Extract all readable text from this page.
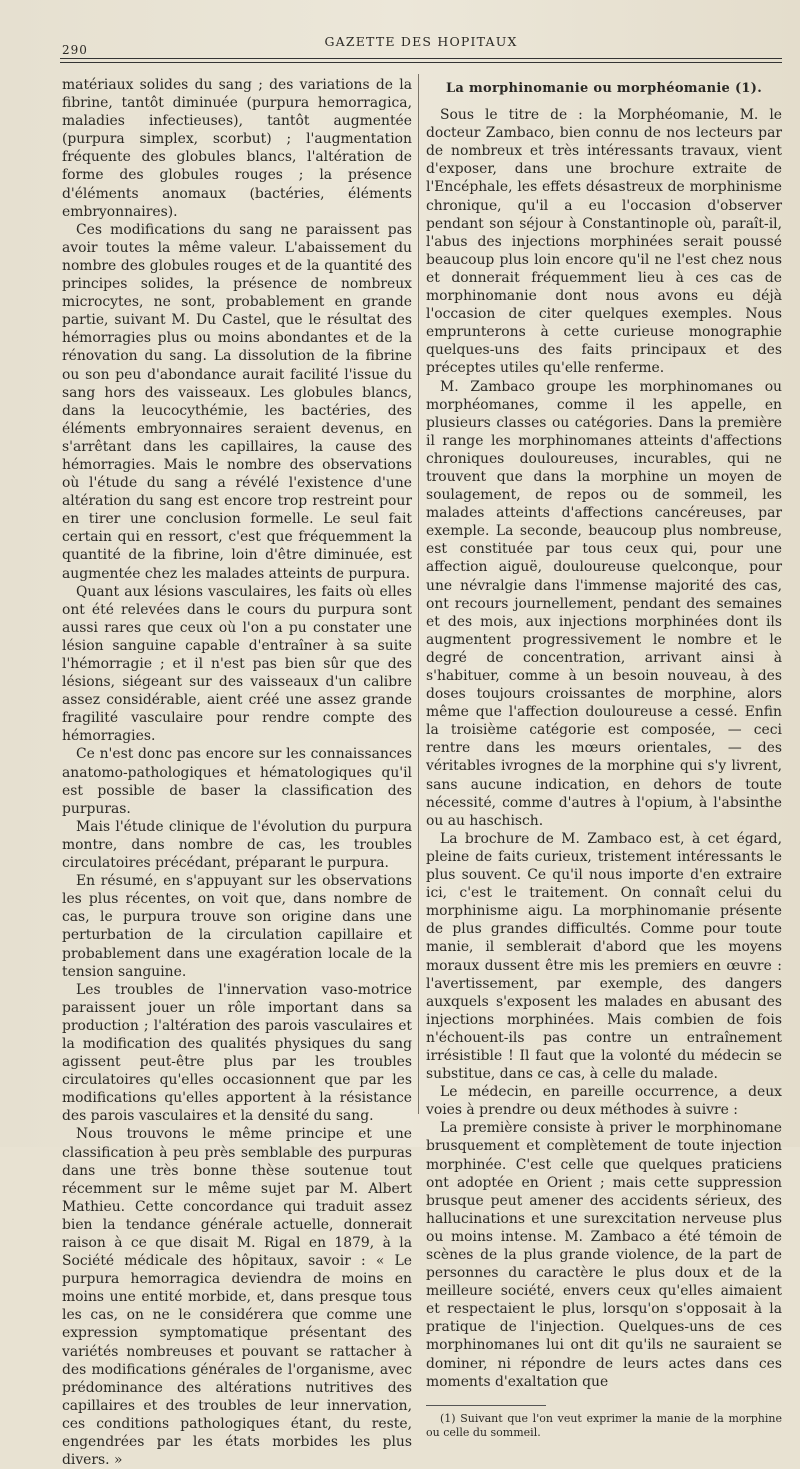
290
GAZETTE DES HOPITAUX

matériaux solides du sang ; des variations de la fibrine, tantôt diminuée (purpura hemorragica, maladies infectieuses), tantôt augmentée (purpura simplex, scorbut) ; l'augmentation fréquente des globules blancs, l'altération de forme des globules rouges ; la présence d'éléments anomaux (bactéries, éléments embryonnaires).

Ces modifications du sang ne paraissent pas avoir toutes la même valeur. L'abaissement du nombre des globules rouges et de la quantité des principes solides, la présence de nombreux microcytes, ne sont, probablement en grande partie, suivant M. Du Castel, que le résultat des hémorragies plus ou moins abondantes et de la rénovation du sang. La dissolution de la fibrine ou son peu d'abondance aurait facilité l'issue du sang hors des vaisseaux. Les globules blancs, dans la leucocythémie, les bactéries, des éléments embryonnaires seraient devenus, en s'arrêtant dans les capillaires, la cause des hémorragies. Mais le nombre des observations où l'étude du sang a révélé l'existence d'une altération du sang est encore trop restreint pour en tirer une conclusion formelle. Le seul fait certain qui en ressort, c'est que fréquemment la quantité de la fibrine, loin d'être diminuée, est augmentée chez les malades atteints de purpura.

Quant aux lésions vasculaires, les faits où elles ont été relevées dans le cours du purpura sont aussi rares que ceux où l'on a pu constater une lésion sanguine capable d'entraîner à sa suite l'hémorragie ; et il n'est pas bien sûr que des lésions, siégeant sur des vaisseaux d'un calibre assez considérable, aient créé une assez grande fragilité vasculaire pour rendre compte des hémorragies.

Ce n'est donc pas encore sur les connaissances anatomo-pathologiques et hématologiques qu'il est possible de baser la classification des purpuras.

Mais l'étude clinique de l'évolution du purpura montre, dans nombre de cas, les troubles circulatoires précédant, préparant le purpura.

En résumé, en s'appuyant sur les observations les plus récentes, on voit que, dans nombre de cas, le purpura trouve son origine dans une perturbation de la circulation capillaire et probablement dans une exagération locale de la tension sanguine.

Les troubles de l'innervation vaso-motrice paraissent jouer un rôle important dans sa production ; l'altération des parois vasculaires et la modification des qualités physiques du sang agissent peut-être plus par les troubles circulatoires qu'elles occasionnent que par les modifications qu'elles apportent à la résistance des parois vasculaires et la densité du sang.

Nous trouvons le même principe et une classification à peu près semblable des purpuras dans une très bonne thèse soutenue tout récemment sur le même sujet par M. Albert Mathieu. Cette concordance qui traduit assez bien la tendance générale actuelle, donnerait raison à ce que disait M. Rigal en 1879, à la Société médicale des hôpitaux, savoir : « Le purpura hemorragica deviendra de moins en moins une entité morbide, et, dans presque tous les cas, on ne le considérera que comme une expression symptomatique présentant des variétés nombreuses et pouvant se rattacher à des modifications générales de l'organisme, avec prédominance des altérations nutritives des capillaires et des troubles de leur innervation, ces conditions pathologiques étant, du reste, engendrées par les états morbides les plus divers. »

La morphinomanie ou morphéomanie (1).

Sous le titre de : la Morphéomanie, M. le docteur Zambaco, bien connu de nos lecteurs par de nombreux et très intéressants travaux, vient d'exposer, dans une brochure extraite de l'Encéphale, les effets désastreux de morphinisme chronique, qu'il a eu l'occasion d'observer pendant son séjour à Constantinople où, paraît-il, l'abus des injections morphinées serait poussé beaucoup plus loin encore qu'il ne l'est chez nous et donnerait fréquemment lieu à ces cas de morphinomanie dont nous avons eu déjà l'occasion de citer quelques exemples. Nous emprunterons à cette curieuse monographie quelques-uns des faits principaux et des préceptes utiles qu'elle renferme.

M. Zambaco groupe les morphinomanes ou morphéomanes, comme il les appelle, en plusieurs classes ou catégories. Dans la première il range les morphinomanes atteints d'affections chroniques douloureuses, incurables, qui ne trouvent que dans la morphine un moyen de soulagement, de repos ou de sommeil, les malades atteints d'affections cancéreuses, par exemple. La seconde, beaucoup plus nombreuse, est constituée par tous ceux qui, pour une affection aiguë, douloureuse quelconque, pour une névralgie dans l'immense majorité des cas, ont recours journellement, pendant des semaines et des mois, aux injections morphinées dont ils augmentent progressivement le nombre et le degré de concentration, arrivant ainsi à s'habituer, comme à un besoin nouveau, à des doses toujours croissantes de morphine, alors même que l'affection douloureuse a cessé. Enfin la troisième catégorie est composée, — ceci rentre dans les mœurs orientales, — des véritables ivrognes de la morphine qui s'y livrent, sans aucune indication, en dehors de toute nécessité, comme d'autres à l'opium, à l'absinthe ou au haschisch.

La brochure de M. Zambaco est, à cet égard, pleine de faits curieux, tristement intéressants le plus souvent. Ce qu'il nous importe d'en extraire ici, c'est le traitement. On connaît celui du morphinisme aigu. La morphinomanie présente de plus grandes difficultés. Comme pour toute manie, il semblerait d'abord que les moyens moraux dussent être mis les premiers en œuvre : l'avertissement, par exemple, des dangers auxquels s'exposent les malades en abusant des injections morphinées. Mais combien de fois n'échouent-ils pas contre un entraînement irrésistible ! Il faut que la volonté du médecin se substitue, dans ce cas, à celle du malade.

Le médecin, en pareille occurrence, a deux voies à prendre ou deux méthodes à suivre :

La première consiste à priver le morphinomane brusquement et complètement de toute injection morphinée. C'est celle que quelques praticiens ont adoptée en Orient ; mais cette suppression brusque peut amener des accidents sérieux, des hallucinations et une surexcitation nerveuse plus ou moins intense. M. Zambaco a été témoin de scènes de la plus grande violence, de la part de personnes du caractère le plus doux et de la meilleure société, envers ceux qu'elles aimaient et respectaient le plus, lorsqu'on s'opposait à la pratique de l'injection. Quelques-uns de ces morphinomanes lui ont dit qu'ils ne sauraient se dominer, ni répondre de leurs actes dans ces moments d'exaltation que

(1) Suivant que l'on veut exprimer la manie de la morphine ou celle du sommeil.
